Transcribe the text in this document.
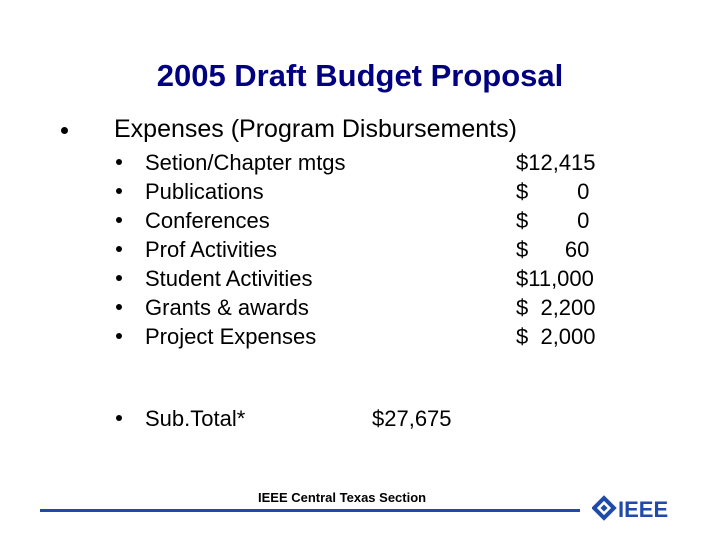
2005 Draft Budget Proposal
Expenses (Program Disbursements)
Setion/Chapter mtgs	$12,415
Publications	$        0
Conferences	$        0
Prof Activities	$      60
Student Activities	$11,000
Grants & awards	$  2,200
Project Expenses	$  2,000
Sub.Total*	$27,675
IEEE Central Texas Section	IEEE
